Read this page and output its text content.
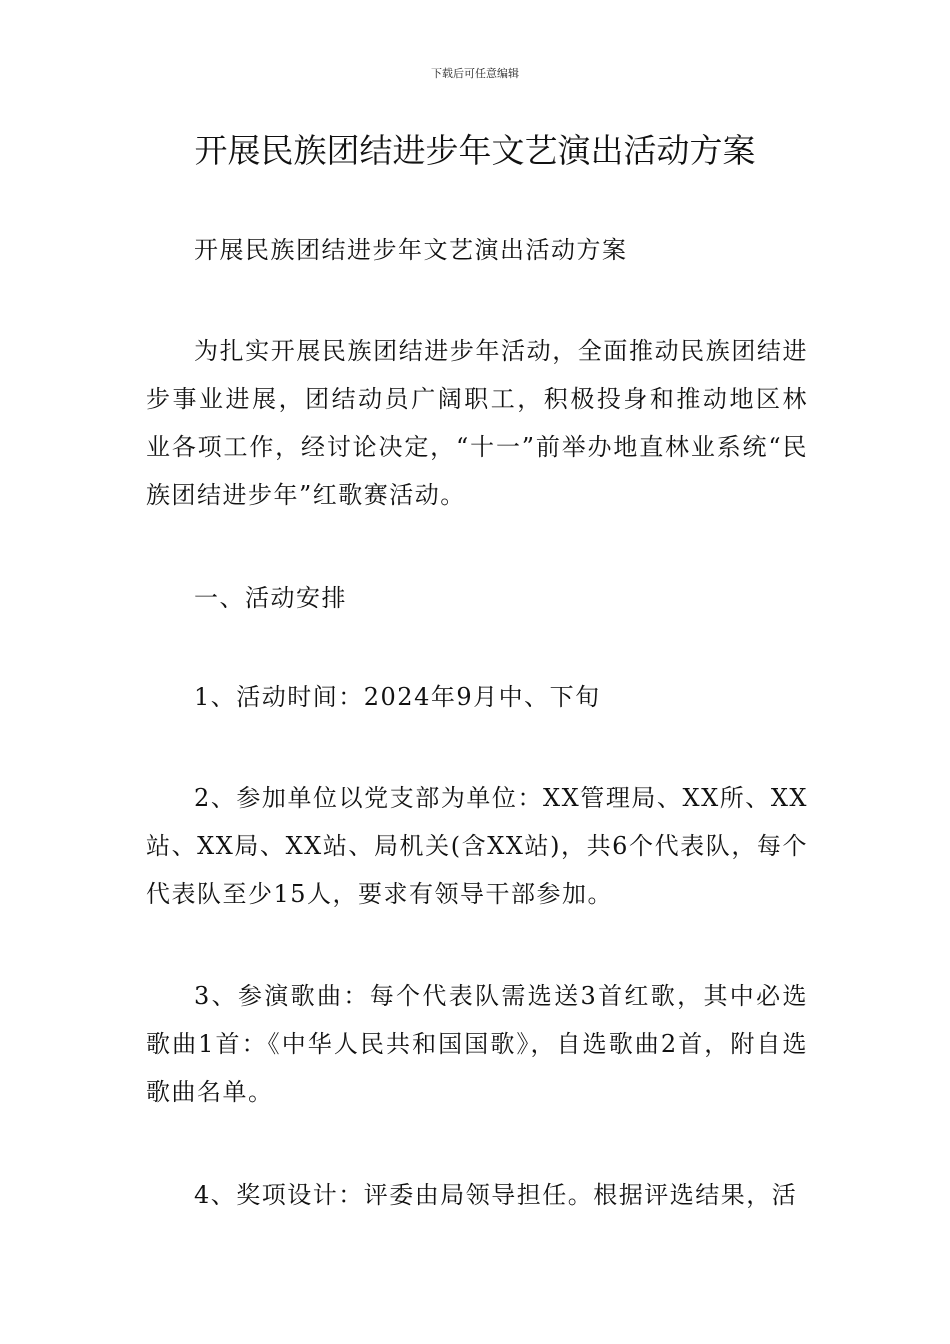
下载后可任意编辑
开展民族团结进步年文艺演出活动方案

开展民族团结进步年文艺演出活动方案

为扎实开展民族团结进步年活动，全面推动民族团结进步事业进展，团结动员广阔职工，积极投身和推动地区林业各项工作，经讨论决定，“十一”前举办地直林业系统“民族团结进步年”红歌赛活动。

一、活动安排

1、活动时间：2024年9月中、下旬

2、参加单位以党支部为单位：XX管理局、XX所、XX站、XX局、XX站、局机关(含XX站)，共6个代表队，每个代表队至少15人，要求有领导干部参加。

3、参演歌曲：每个代表队需选送3首红歌，其中必选歌曲1首：《中华人民共和国国歌》，自选歌曲2首，附自选歌曲名单。

4、奖项设计：评委由局领导担任。根据评选结果，活
